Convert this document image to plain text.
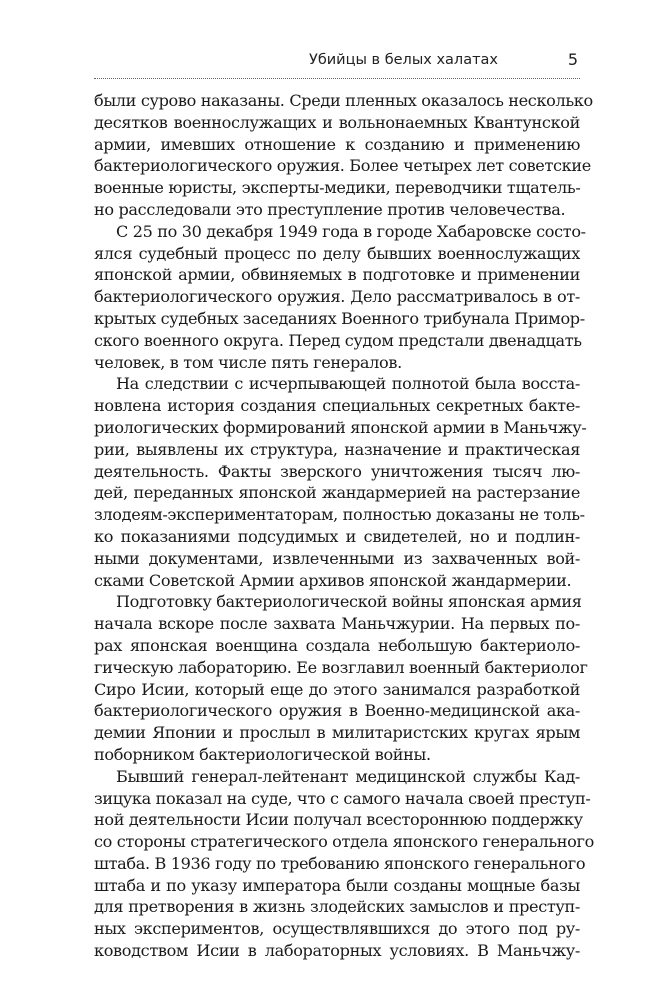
Убийцы в белых халатах	5

были сурово наказаны. Среди пленных оказалось несколько
десятков военнослужащих и вольнонаемных Квантунской
армии, имевших отношение к созданию и применению
бактериологического оружия. Более четырех лет советские
военные юристы, эксперты-медики, переводчики тщатель-
но расследовали это преступление против человечества.

С 25 по 30 декабря 1949 года в городе Хабаровске состо-
ялся судебный процесс по делу бывших военнослужащих
японской армии, обвиняемых в подготовке и применении
бактериологического оружия. Дело рассматривалось в от-
крытых судебных заседаниях Военного трибунала Примор-
ского военного округа. Перед судом предстали двенадцать
человек, в том числе пять генералов.

На следствии с исчерпывающей полнотой была восста-
новлена история создания специальных секретных бакте-
риологических формирований японской армии в Маньчжу-
рии, выявлены их структура, назначение и практическая
деятельность. Факты зверского уничтожения тысяч лю-
дей, переданных японской жандармерией на растерзание
злодеям-экспериментаторам, полностью доказаны не толь-
ко показаниями подсудимых и свидетелей, но и подлин-
ными документами, извлеченными из захваченных вой-
сками Советской Армии архивов японской жандармерии.

Подготовку бактериологической войны японская армия
начала вскоре после захвата Маньчжурии. На первых по-
рах японская военщина создала небольшую бактериоло-
гическую лабораторию. Ее возглавил военный бактериолог
Сиро Исии, который еще до этого занимался разработкой
бактериологического оружия в Военно-медицинской ака-
демии Японии и прослыл в милитаристских кругах ярым
поборником бактериологической войны.

Бывший генерал-лейтенант медицинской службы Кад-
зицука показал на суде, что с самого начала своей преступ-
ной деятельности Исии получал всестороннюю поддержку
со стороны стратегического отдела японского генерального
штаба. В 1936 году по требованию японского генерального
штаба и по указу императора были созданы мощные базы
для претворения в жизнь злодейских замыслов и преступ-
ных экспериментов, осуществлявшихся до этого под ру-
ководством Исии в лабораторных условиях. В Маньчжу-
